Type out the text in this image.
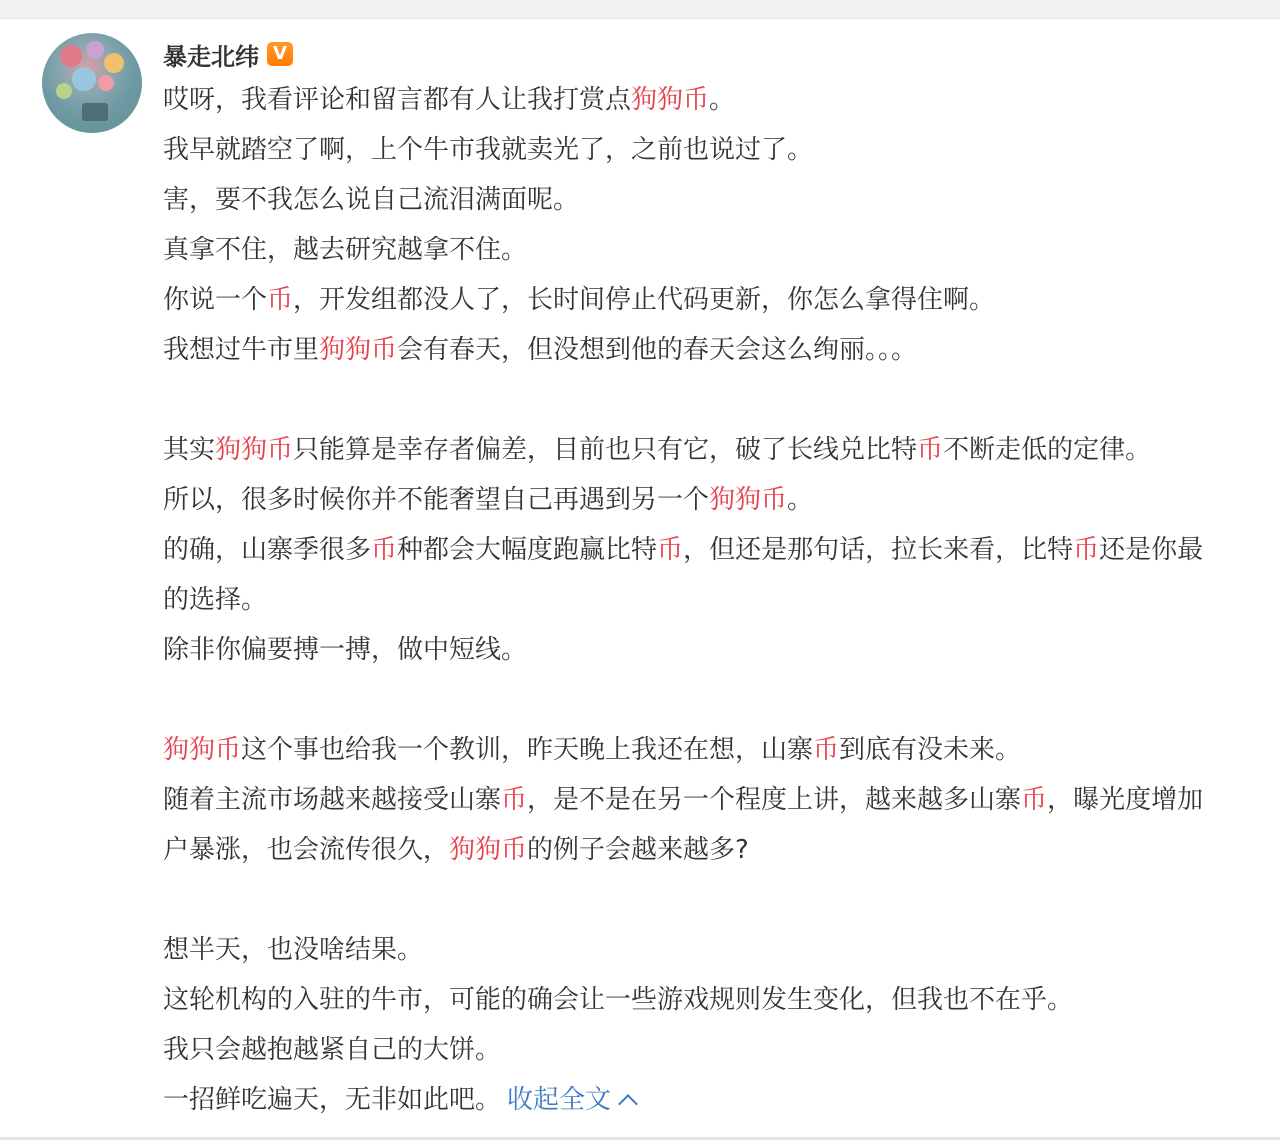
暴走北纬 V
哎呀，我看评论和留言都有人让我打赏点狗狗币。
我早就踏空了啊，上个牛市我就卖光了，之前也说过了。
害，要不我怎么说自己流泪满面呢。
真拿不住，越去研究越拿不住。
你说一个币，开发组都没人了，长时间停止代码更新，你怎么拿得住啊。
我想过牛市里狗狗币会有春天，但没想到他的春天会这么绚丽。。。
其实狗狗币只能算是幸存者偏差，目前也只有它，破了长线兑比特币不断走低的定律。
所以，很多时候你并不能奢望自己再遇到另一个狗狗币。
的确，山寨季很多币种都会大幅度跑赢比特币，但还是那句话，拉长来看，比特币还是你最
的选择。
除非你偏要搏一搏，做中短线。
狗狗币这个事也给我一个教训，昨天晚上我还在想，山寨币到底有没未来。
随着主流市场越来越接受山寨币，是不是在另一个程度上讲，越来越多山寨币，曝光度增加
户暴涨，也会流传很久，狗狗币的例子会越来越多?
想半天，也没啥结果。
这轮机构的入驻的牛市，可能的确会让一些游戏规则发生变化，但我也不在乎。
我只会越抱越紧自己的大饼。
一招鲜吃遍天，无非如此吧。 收起全文
